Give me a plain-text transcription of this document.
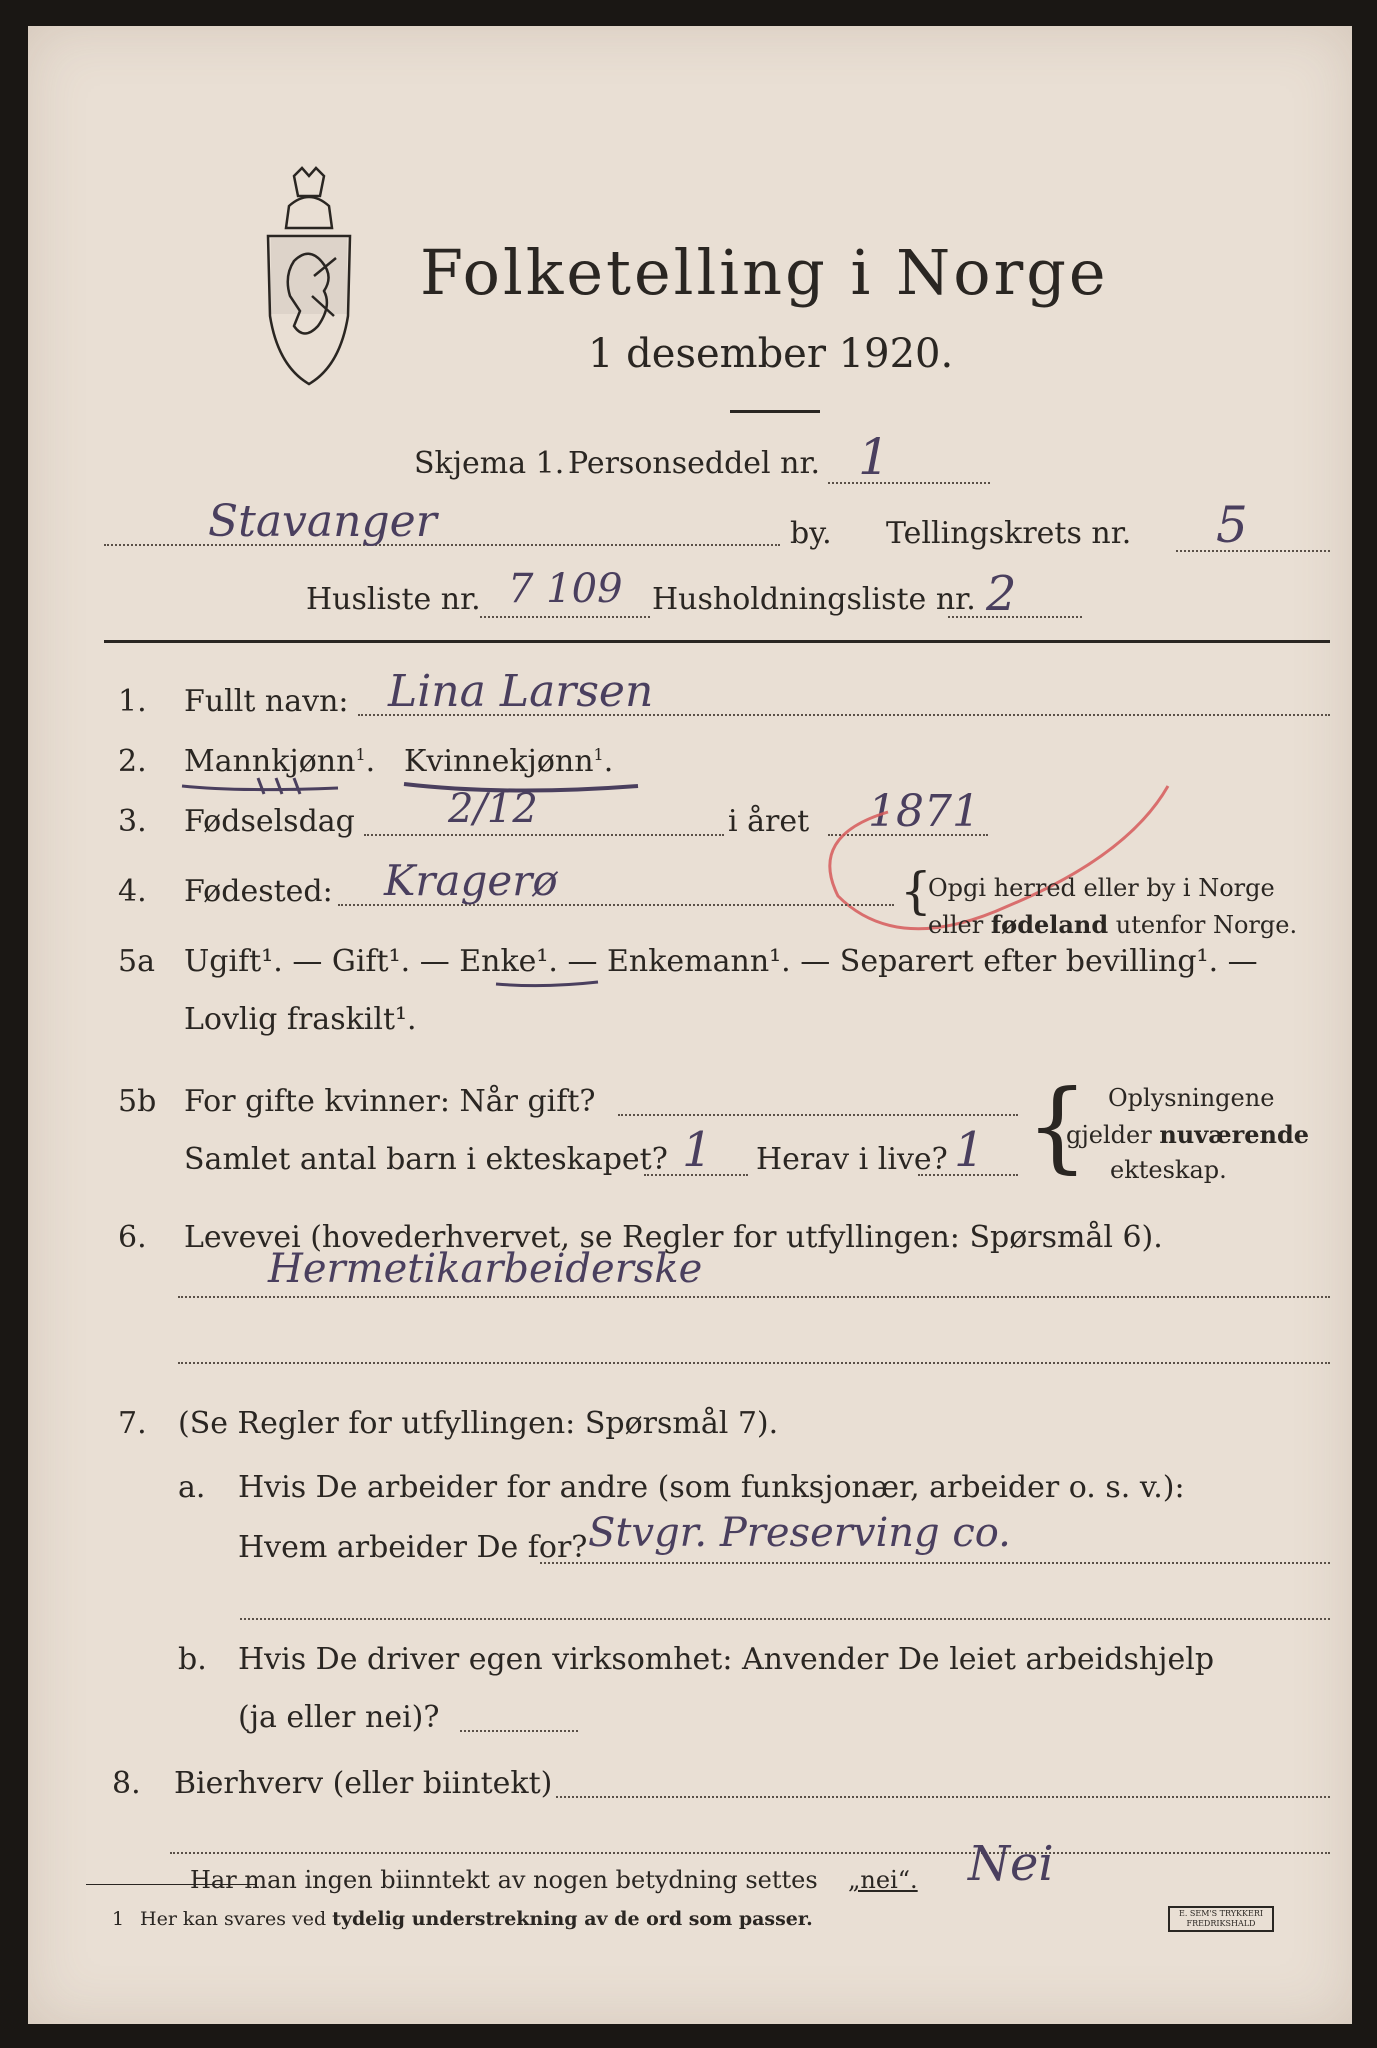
Folketelling i Norge
1 desember 1920.
Skjema 1. Personseddel nr. 1
Stavanger	by. Tellingskrets nr. 5
Husliste nr. 7 109 Husholdningsliste nr. 2
1. Fullt navn: Lina Larsen
2. Mannkjønn$^1$. Kvinnekjønn$^1$.
3. Fødselsdag 2/12	i året 1871
4. Fødested: Kragerø	{
Opgi herred eller by i Norge
eller fødeland utenfor Norge.
5a Ugift¹. — Gift¹. — Enke¹. — Enkemann¹. — Separert efter bevilling¹. —
Lovlig fraskilt¹.
5b For gifte kvinner: Når gift?
Samlet antal barn i ekteskapet? 1 Herav i live? 1 { Oplysningene
gjelder nuværende
ekteskap.
6. Levevei (hovederhvervet, se Regler for utfyllingen: Spørsmål 6).
Hermetikarbeiderske
7. (Se Regler for utfyllingen: Spørsmål 7).
a. Hvis De arbeider for andre (som funksjonær, arbeider o. s. v.):
Hvem arbeider De for? Stvgr. Preserving co.
b. Hvis De driver egen virksomhet: Anvender De leiet arbeidshjelp
(ja eller nei)?
8. Bierhverv (eller biintekt)
Har man ingen biinntekt av nogen betydning settes „nei“. Nei
1 Her kan svares ved tydelig understrekning av de ord som passer.	E. SEM'S TRYKKERI
FREDRIKSHALD
